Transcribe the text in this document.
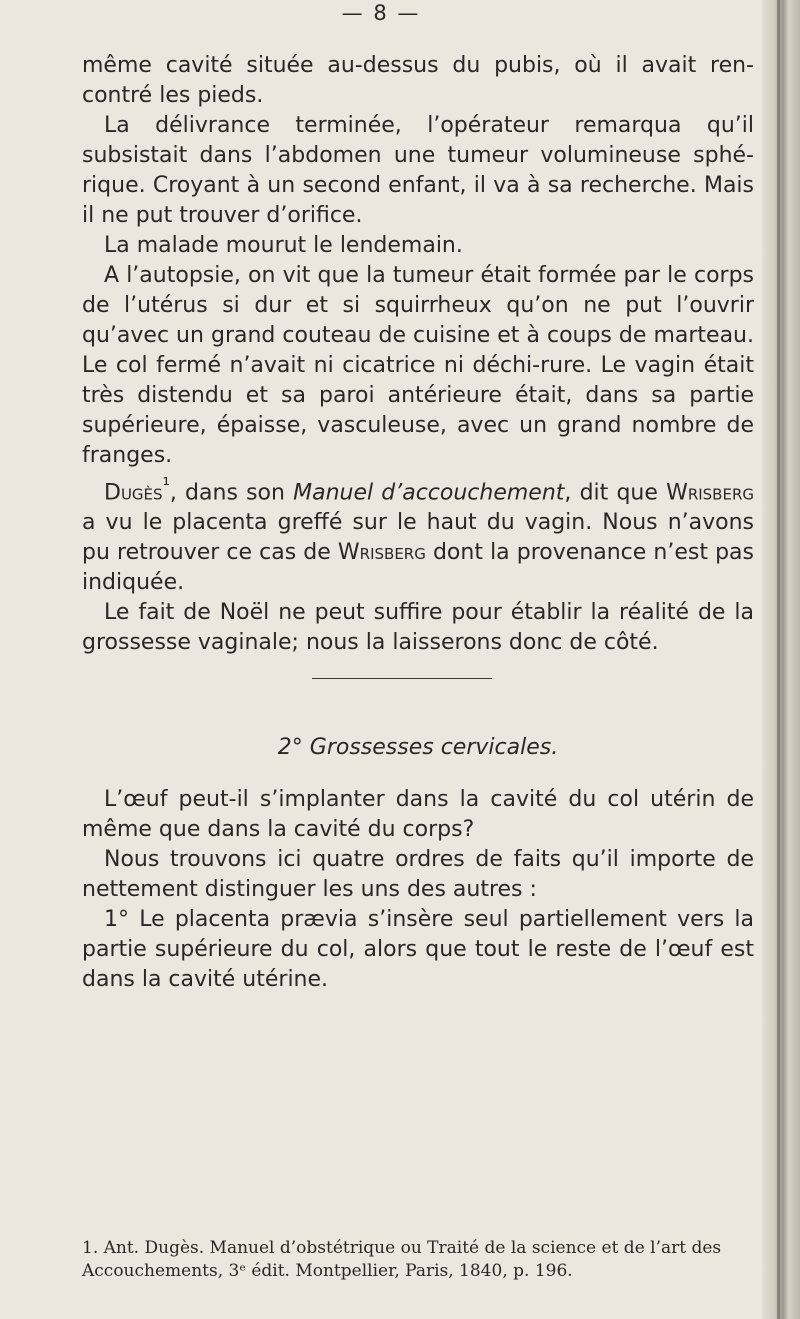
— 8 —

même cavité située au-dessus du pubis, où il avait ren-contré les pieds.

La délivrance terminée, l’opérateur remarqua qu’il subsistait dans l’abdomen une tumeur volumineuse sphé-rique. Croyant à un second enfant, il va à sa recherche. Mais il ne put trouver d’orifice.

La malade mourut le lendemain.

A l’autopsie, on vit que la tumeur était formée par le corps de l’utérus si dur et si squirrheux qu’on ne put l’ouvrir qu’avec un grand couteau de cuisine et à coups de marteau. Le col fermé n’avait ni cicatrice ni déchi-rure. Le vagin était très distendu et sa paroi antérieure était, dans sa partie supérieure, épaisse, vasculeuse, avec un grand nombre de franges.

Dugès$^{^1}$, dans son Manuel d’accouchement, dit que Wrisberg a vu le placenta greffé sur le haut du vagin. Nous n’avons pu retrouver ce cas de Wrisberg dont la provenance n’est pas indiquée.

Le fait de Noël ne peut suffire pour établir la réalité de la grossesse vaginale; nous la laisserons donc de côté.

2° Grossesses cervicales.

L’œuf peut-il s’implanter dans la cavité du col utérin de même que dans la cavité du corps?

Nous trouvons ici quatre ordres de faits qu’il importe de nettement distinguer les uns des autres :

1° Le placenta prævia s’insère seul partiellement vers la partie supérieure du col, alors que tout le reste de l’œuf est dans la cavité utérine.

1. Ant. Dugès. Manuel d’obstétrique ou Traité de la science et de l’art des Accouchements, 3ᵉ édit. Montpellier, Paris, 1840, p. 196.
